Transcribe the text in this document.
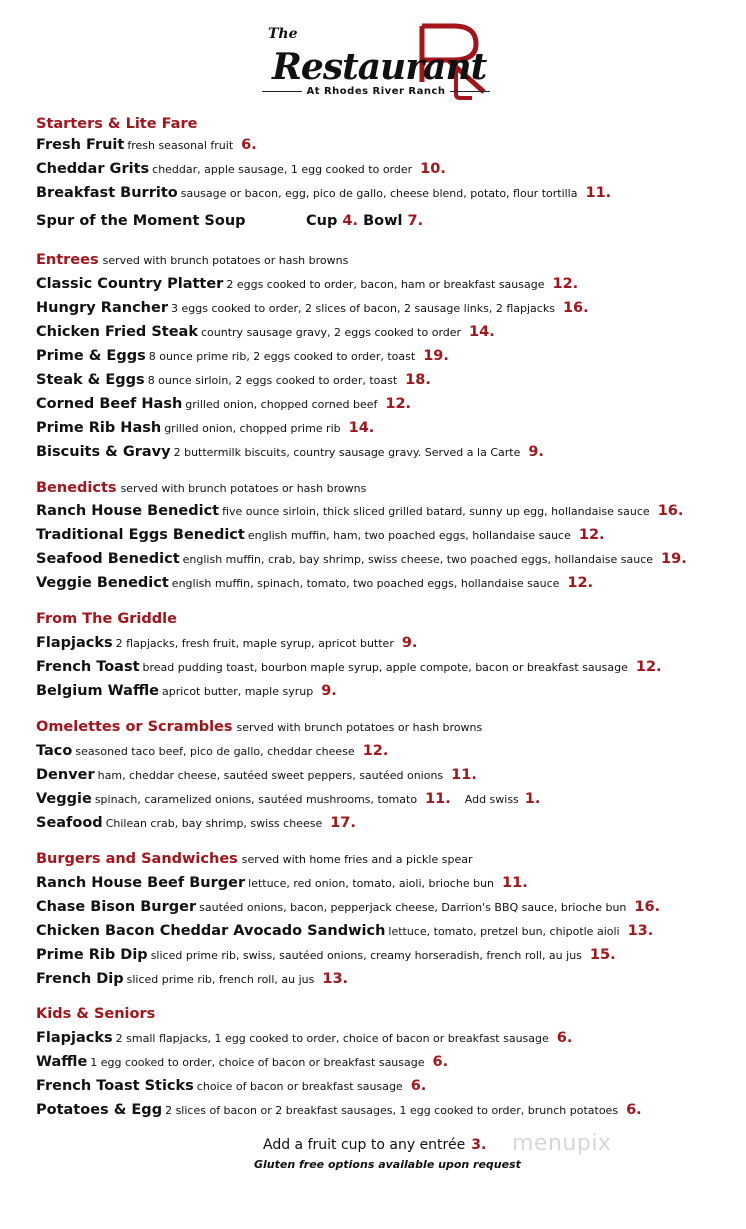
The
Restaurant
At Rhodes River Ranch
Starters & Lite Fare
Fresh Fruit fresh seasonal fruit 6.
Cheddar Grits cheddar, apple sausage, 1 egg cooked to order 10.
Breakfast Burrito sausage or bacon, egg, pico de gallo, cheese blend, potato, flour tortilla 11.
Spur of the Moment Soup	Cup 4. Bowl 7.
Entrees served with brunch potatoes or hash browns
Classic Country Platter 2 eggs cooked to order, bacon, ham or breakfast sausage 12.
Hungry Rancher 3 eggs cooked to order, 2 slices of bacon, 2 sausage links, 2 flapjacks 16.
Chicken Fried Steak country sausage gravy, 2 eggs cooked to order 14.
Prime & Eggs 8 ounce prime rib, 2 eggs cooked to order, toast 19.
Steak & Eggs 8 ounce sirloin, 2 eggs cooked to order, toast 18.
Corned Beef Hash grilled onion, chopped corned beef 12.
Prime Rib Hash grilled onion, chopped prime rib 14.
Biscuits & Gravy 2 buttermilk biscuits, country sausage gravy. Served a la Carte 9.
Benedicts served with brunch potatoes or hash browns
Ranch House Benedict five ounce sirloin, thick sliced grilled batard, sunny up egg, hollandaise sauce 16.
Traditional Eggs Benedict english muffin, ham, two poached eggs, hollandaise sauce 12.
Seafood Benedict english muffin, crab, bay shrimp, swiss cheese, two poached eggs, hollandaise sauce 19.
Veggie Benedict english muffin, spinach, tomato, two poached eggs, hollandaise sauce 12.
From The Griddle
Flapjacks 2 flapjacks, fresh fruit, maple syrup, apricot butter 9.
French Toast bread pudding toast, bourbon maple syrup, apple compote, bacon or breakfast sausage 12.
Belgium Waffle apricot butter, maple syrup 9.
Omelettes or Scrambles served with brunch potatoes or hash browns
Taco seasoned taco beef, pico de gallo, cheddar cheese 12.
Denver ham, cheddar cheese, sautéed sweet peppers, sautéed onions 11.
Veggie spinach, caramelized onions, sautéed mushrooms, tomato 11. Add swiss 1.
Seafood Chilean crab, bay shrimp, swiss cheese 17.
Burgers and Sandwiches served with home fries and a pickle spear
Ranch House Beef Burger lettuce, red onion, tomato, aioli, brioche bun 11.
Chase Bison Burger sautéed onions, bacon, pepperjack cheese, Darrion's BBQ sauce, brioche bun 16.
Chicken Bacon Cheddar Avocado Sandwich lettuce, tomato, pretzel bun, chipotle aioli 13.
Prime Rib Dip sliced prime rib, swiss, sautéed onions, creamy horseradish, french roll, au jus 15.
French Dip sliced prime rib, french roll, au jus 13.
Kids & Seniors
Flapjacks 2 small flapjacks, 1 egg cooked to order, choice of bacon or breakfast sausage 6.
Waffle 1 egg cooked to order, choice of bacon or breakfast sausage 6.
French Toast Sticks choice of bacon or breakfast sausage 6.
Potatoes & Egg 2 slices of bacon or 2 breakfast sausages, 1 egg cooked to order, brunch potatoes 6.
Add a fruit cup to any entrée 3.
Gluten free options available upon request
menupix
